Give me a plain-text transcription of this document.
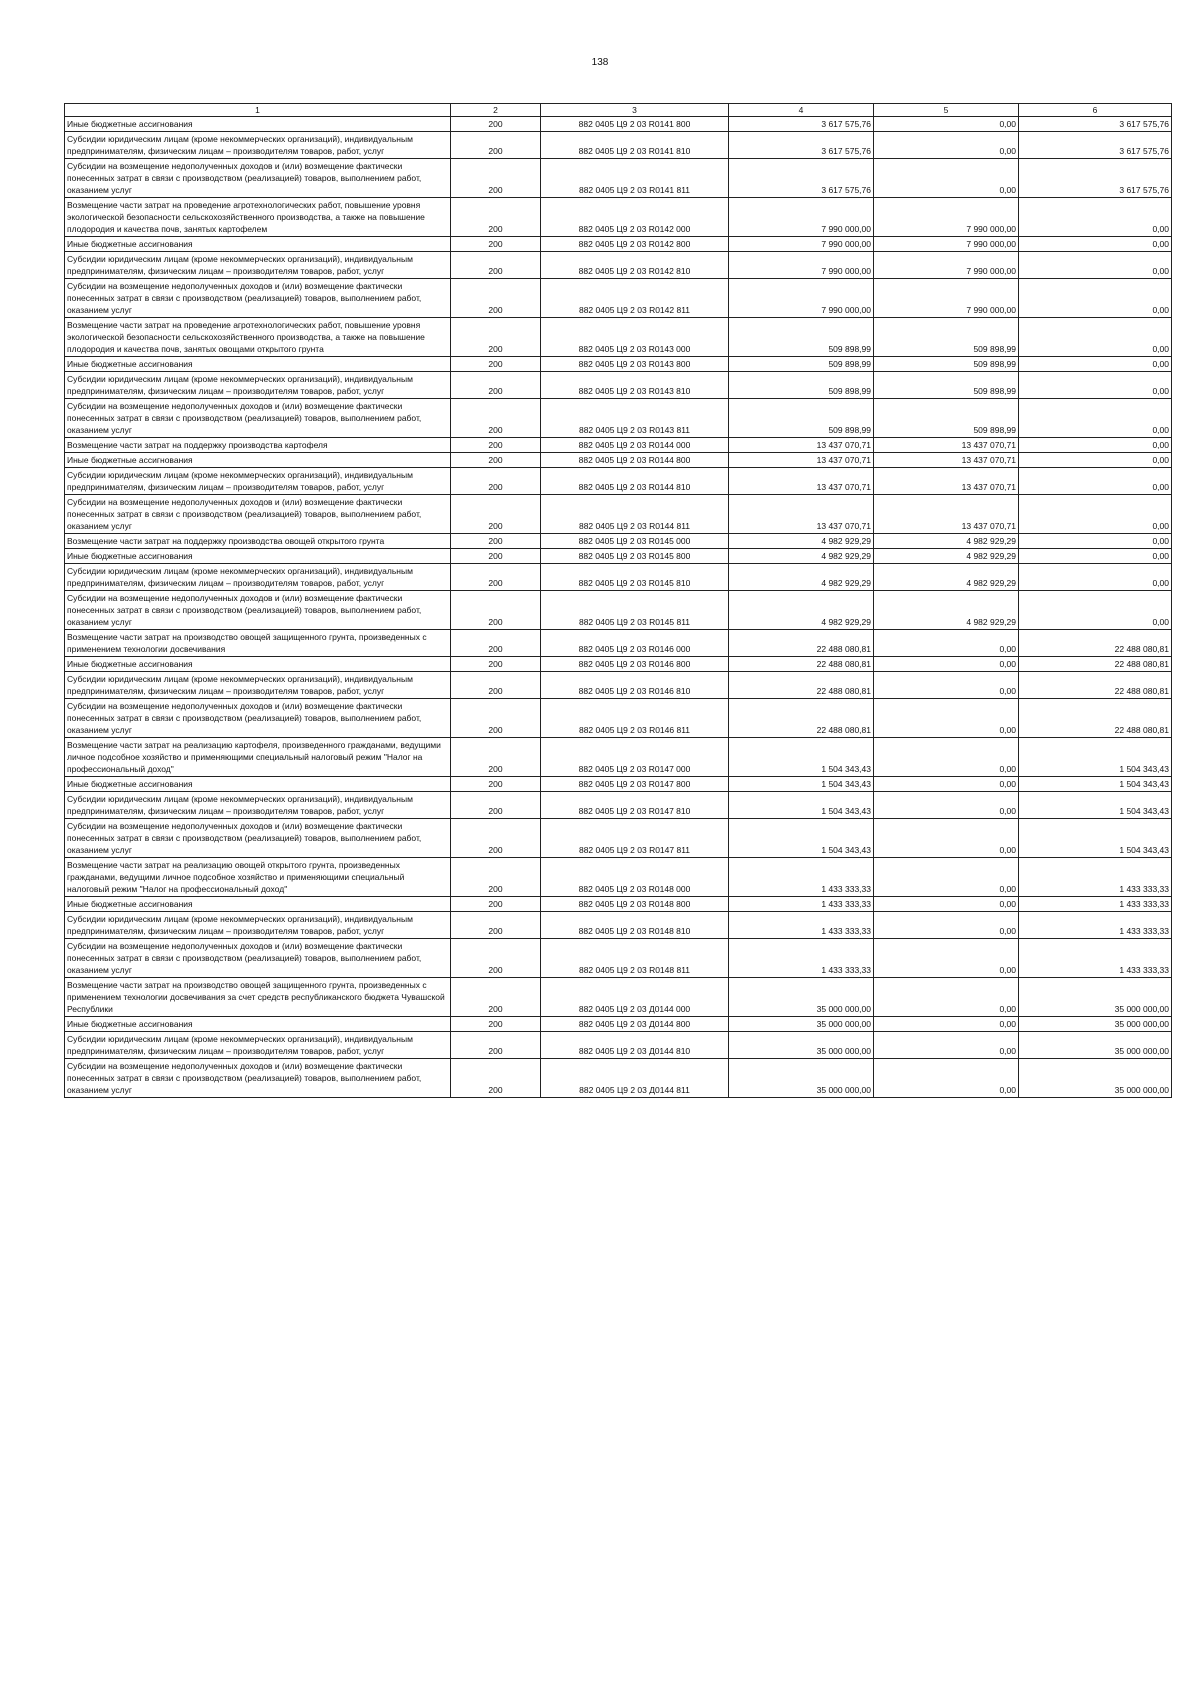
138
1	2	3	4	5	6
Иные бюджетные ассигнования	200	882 0405 Ц9 2 03 R0141 800	3 617 575,76	0,00	3 617 575,76
Субсидии юридическим лицам (кроме некоммерческих организаций), индивидуальным предпринимателям, физическим лицам – производителям товаров, работ, услуг	200	882 0405 Ц9 2 03 R0141 810	3 617 575,76	0,00	3 617 575,76
Субсидии на возмещение недополученных доходов и (или) возмещение фактически понесенных затрат в связи с производством (реализацией) товаров, выполнением работ, оказанием услуг	200	882 0405 Ц9 2 03 R0141 811	3 617 575,76	0,00	3 617 575,76
Возмещение части затрат на проведение агротехнологических работ, повышение уровня экологической безопасности сельскохозяйственного производства, а также на повышение плодородия и качества почв, занятых картофелем	200	882 0405 Ц9 2 03 R0142 000	7 990 000,00	7 990 000,00	0,00
Иные бюджетные ассигнования	200	882 0405 Ц9 2 03 R0142 800	7 990 000,00	7 990 000,00	0,00
Субсидии юридическим лицам (кроме некоммерческих организаций), индивидуальным предпринимателям, физическим лицам – производителям товаров, работ, услуг	200	882 0405 Ц9 2 03 R0142 810	7 990 000,00	7 990 000,00	0,00
Субсидии на возмещение недополученных доходов и (или) возмещение фактически понесенных затрат в связи с производством (реализацией) товаров, выполнением работ, оказанием услуг	200	882 0405 Ц9 2 03 R0142 811	7 990 000,00	7 990 000,00	0,00
Возмещение части затрат на проведение агротехнологических работ, повышение уровня экологической безопасности сельскохозяйственного производства, а также на повышение плодородия и качества почв, занятых овощами открытого грунта	200	882 0405 Ц9 2 03 R0143 000	509 898,99	509 898,99	0,00
Иные бюджетные ассигнования	200	882 0405 Ц9 2 03 R0143 800	509 898,99	509 898,99	0,00
Субсидии юридическим лицам (кроме некоммерческих организаций), индивидуальным предпринимателям, физическим лицам – производителям товаров, работ, услуг	200	882 0405 Ц9 2 03 R0143 810	509 898,99	509 898,99	0,00
Субсидии на возмещение недополученных доходов и (или) возмещение фактически понесенных затрат в связи с производством (реализацией) товаров, выполнением работ, оказанием услуг	200	882 0405 Ц9 2 03 R0143 811	509 898,99	509 898,99	0,00
Возмещение части затрат на поддержку производства картофеля	200	882 0405 Ц9 2 03 R0144 000	13 437 070,71	13 437 070,71	0,00
Иные бюджетные ассигнования	200	882 0405 Ц9 2 03 R0144 800	13 437 070,71	13 437 070,71	0,00
Субсидии юридическим лицам (кроме некоммерческих организаций), индивидуальным предпринимателям, физическим лицам – производителям товаров, работ, услуг	200	882 0405 Ц9 2 03 R0144 810	13 437 070,71	13 437 070,71	0,00
Субсидии на возмещение недополученных доходов и (или) возмещение фактически понесенных затрат в связи с производством (реализацией) товаров, выполнением работ, оказанием услуг	200	882 0405 Ц9 2 03 R0144 811	13 437 070,71	13 437 070,71	0,00
Возмещение части затрат на поддержку производства овощей открытого грунта	200	882 0405 Ц9 2 03 R0145 000	4 982 929,29	4 982 929,29	0,00
Иные бюджетные ассигнования	200	882 0405 Ц9 2 03 R0145 800	4 982 929,29	4 982 929,29	0,00
Субсидии юридическим лицам (кроме некоммерческих организаций), индивидуальным предпринимателям, физическим лицам – производителям товаров, работ, услуг	200	882 0405 Ц9 2 03 R0145 810	4 982 929,29	4 982 929,29	0,00
Субсидии на возмещение недополученных доходов и (или) возмещение фактически понесенных затрат в связи с производством (реализацией) товаров, выполнением работ, оказанием услуг	200	882 0405 Ц9 2 03 R0145 811	4 982 929,29	4 982 929,29	0,00
Возмещение части затрат на производство овощей защищенного грунта, произведенных с применением технологии досвечивания	200	882 0405 Ц9 2 03 R0146 000	22 488 080,81	0,00	22 488 080,81
Иные бюджетные ассигнования	200	882 0405 Ц9 2 03 R0146 800	22 488 080,81	0,00	22 488 080,81
Субсидии юридическим лицам (кроме некоммерческих организаций), индивидуальным предпринимателям, физическим лицам – производителям товаров, работ, услуг	200	882 0405 Ц9 2 03 R0146 810	22 488 080,81	0,00	22 488 080,81
Субсидии на возмещение недополученных доходов и (или) возмещение фактически понесенных затрат в связи с производством (реализацией) товаров, выполнением работ, оказанием услуг	200	882 0405 Ц9 2 03 R0146 811	22 488 080,81	0,00	22 488 080,81
Возмещение части затрат на реализацию картофеля, произведенного гражданами, ведущими личное подсобное хозяйство и применяющими специальный налоговый режим "Налог на профессиональный доход"	200	882 0405 Ц9 2 03 R0147 000	1 504 343,43	0,00	1 504 343,43
Иные бюджетные ассигнования	200	882 0405 Ц9 2 03 R0147 800	1 504 343,43	0,00	1 504 343,43
Субсидии юридическим лицам (кроме некоммерческих организаций), индивидуальным предпринимателям, физическим лицам – производителям товаров, работ, услуг	200	882 0405 Ц9 2 03 R0147 810	1 504 343,43	0,00	1 504 343,43
Субсидии на возмещение недополученных доходов и (или) возмещение фактически понесенных затрат в связи с производством (реализацией) товаров, выполнением работ, оказанием услуг	200	882 0405 Ц9 2 03 R0147 811	1 504 343,43	0,00	1 504 343,43
Возмещение части затрат на реализацию овощей открытого грунта, произведенных гражданами, ведущими личное подсобное хозяйство и применяющими специальный налоговый режим "Налог на профессиональный доход"	200	882 0405 Ц9 2 03 R0148 000	1 433 333,33	0,00	1 433 333,33
Иные бюджетные ассигнования	200	882 0405 Ц9 2 03 R0148 800	1 433 333,33	0,00	1 433 333,33
Субсидии юридическим лицам (кроме некоммерческих организаций), индивидуальным предпринимателям, физическим лицам – производителям товаров, работ, услуг	200	882 0405 Ц9 2 03 R0148 810	1 433 333,33	0,00	1 433 333,33
Субсидии на возмещение недополученных доходов и (или) возмещение фактически понесенных затрат в связи с производством (реализацией) товаров, выполнением работ, оказанием услуг	200	882 0405 Ц9 2 03 R0148 811	1 433 333,33	0,00	1 433 333,33
Возмещение части затрат на производство овощей защищенного грунта, произведенных с применением технологии досвечивания за счет средств республиканского бюджета Чувашской Республики	200	882 0405 Ц9 2 03 Д0144 000	35 000 000,00	0,00	35 000 000,00
Иные бюджетные ассигнования	200	882 0405 Ц9 2 03 Д0144 800	35 000 000,00	0,00	35 000 000,00
Субсидии юридическим лицам (кроме некоммерческих организаций), индивидуальным предпринимателям, физическим лицам – производителям товаров, работ, услуг	200	882 0405 Ц9 2 03 Д0144 810	35 000 000,00	0,00	35 000 000,00
Субсидии на возмещение недополученных доходов и (или) возмещение фактически понесенных затрат в связи с производством (реализацией) товаров, выполнением работ, оказанием услуг	200	882 0405 Ц9 2 03 Д0144 811	35 000 000,00	0,00	35 000 000,00
